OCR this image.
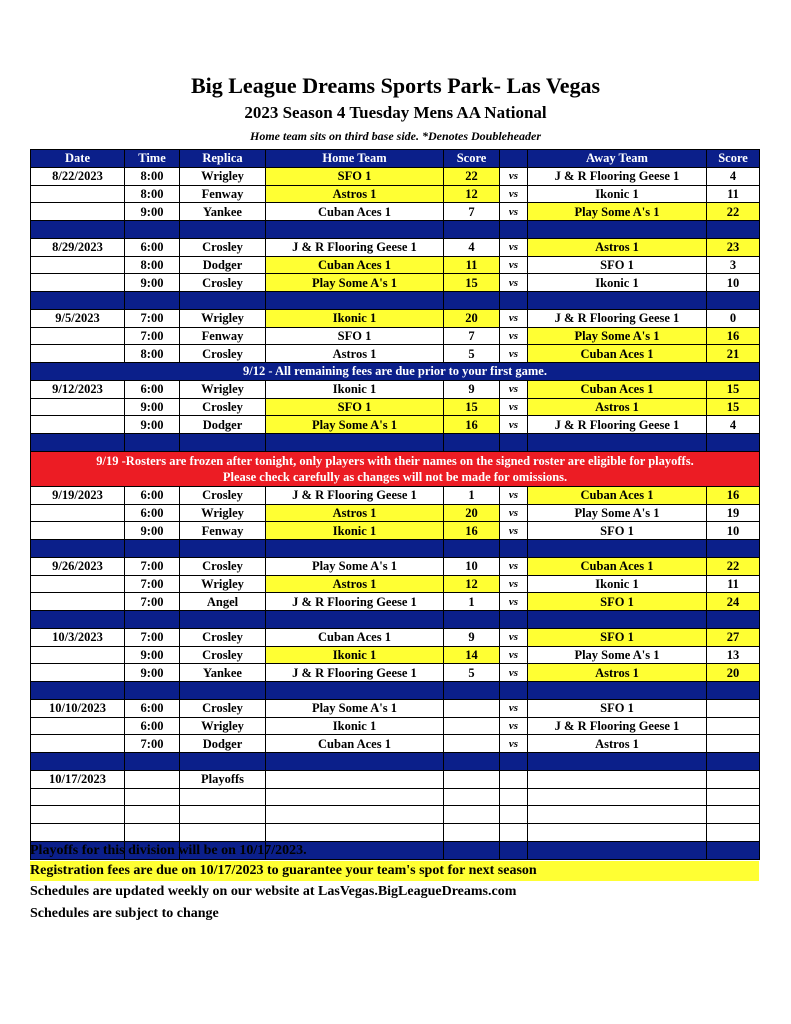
Big League Dreams Sports Park- Las Vegas
2023 Season 4 Tuesday Mens AA National
Home team sits on third base side. *Denotes Doubleheader
Date	Time	Replica	Home Team	Score		Away Team	Score
8/22/2023	8:00	Wrigley	SFO 1	22	vs	J & R Flooring Geese 1	4
	8:00	Fenway	Astros 1	12	vs	Ikonic 1	11
	9:00	Yankee	Cuban Aces 1	7	vs	Play Some A's 1	22

8/29/2023	6:00	Crosley	J & R Flooring Geese 1	4	vs	Astros 1	23
	8:00	Dodger	Cuban Aces 1	11	vs	SFO 1	3
	9:00	Crosley	Play Some A's 1	15	vs	Ikonic 1	10

9/5/2023	7:00	Wrigley	Ikonic 1	20	vs	J & R Flooring Geese 1	0
	7:00	Fenway	SFO 1	7	vs	Play Some A's 1	16
	8:00	Crosley	Astros 1	5	vs	Cuban Aces 1	21
9/12 - All remaining fees are due prior to your first game.							
9/12/2023	6:00	Wrigley	Ikonic 1	9	vs	Cuban Aces 1	15
	9:00	Crosley	SFO 1	15	vs	Astros 1	15
	9:00	Dodger	Play Some A's 1	16	vs	J & R Flooring Geese 1	4

9/19 -Rosters are frozen after tonight, only players with their names on the signed roster are eligible for playoffs.
Please check carefully as changes will not be made for omissions.							

9/19/2023	6:00	Crosley	J & R Flooring Geese 1	1	vs	Cuban Aces 1	16
	6:00	Wrigley	Astros 1	20	vs	Play Some A's 1	19
	9:00	Fenway	Ikonic 1	16	vs	SFO 1	10

9/26/2023	7:00	Crosley	Play Some A's 1	10	vs	Cuban Aces 1	22
	7:00	Wrigley	Astros 1	12	vs	Ikonic 1	11
	7:00	Angel	J & R Flooring Geese 1	1	vs	SFO 1	24

10/3/2023	7:00	Crosley	Cuban Aces 1	9	vs	SFO 1	27
	9:00	Crosley	Ikonic 1	14	vs	Play Some A's 1	13
	9:00	Yankee	J & R Flooring Geese 1	5	vs	Astros 1	20

10/10/2023	6:00	Crosley	Play Some A's 1		vs	SFO 1	
	6:00	Wrigley	Ikonic 1		vs	J & R Flooring Geese 1	
	7:00	Dodger	Cuban Aces 1		vs	Astros 1	

10/17/2023		Playoffs					

Playoffs for this division will be on 10/17/2023.
Registration fees are due on 10/17/2023 to guarantee your team's spot for next season
Schedules are updated weekly on our website at LasVegas.BigLeagueDreams.com
Schedules are subject to change
